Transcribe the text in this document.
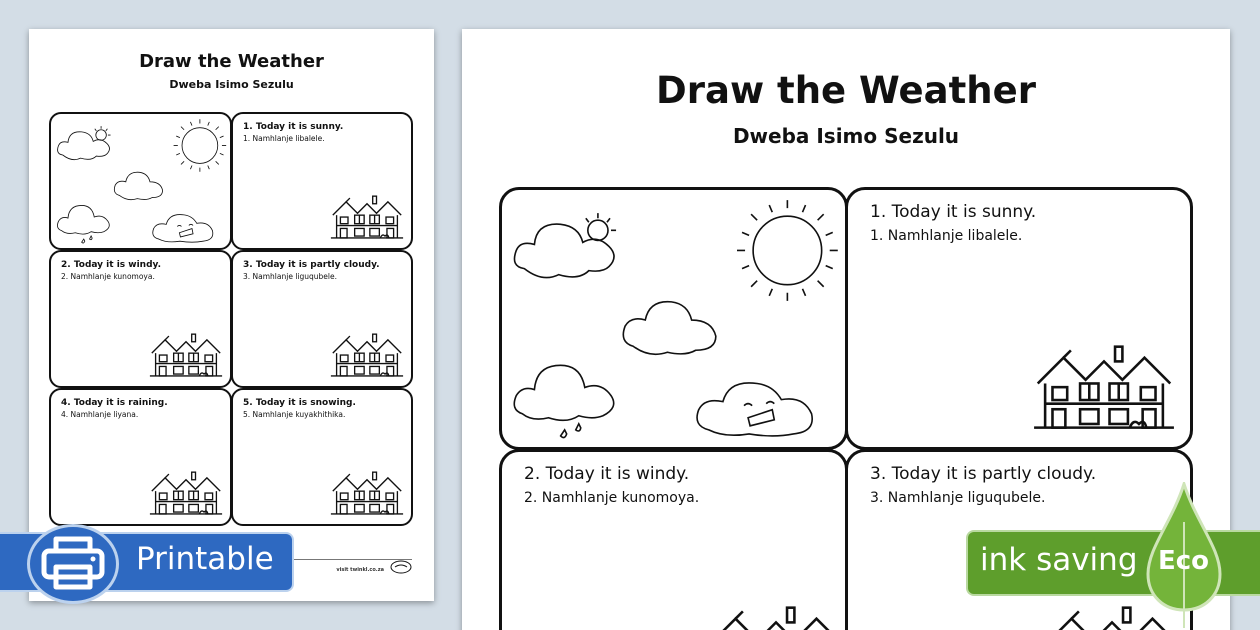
Draw the Weather
Dweba Isimo Sezulu
1. Today it is sunny.
1. Namhlanje libalele.
2. Today it is windy.
2. Namhlanje kunomoya.
3. Today it is partly cloudy.
3. Namhlanje liguqubele.
4. Today it is raining.
4. Namhlanje liyana.
5. Today it is snowing.
5. Namhlanje kuyakhithika.
visit twinkl.co.za
Draw the Weather
Dweba Isimo Sezulu
1. Today it is sunny.
1. Namhlanje libalele.
2. Today it is windy.
2. Namhlanje kunomoya.
3. Today it is partly cloudy.
3. Namhlanje liguqubele.
Printable	ink saving Eco
